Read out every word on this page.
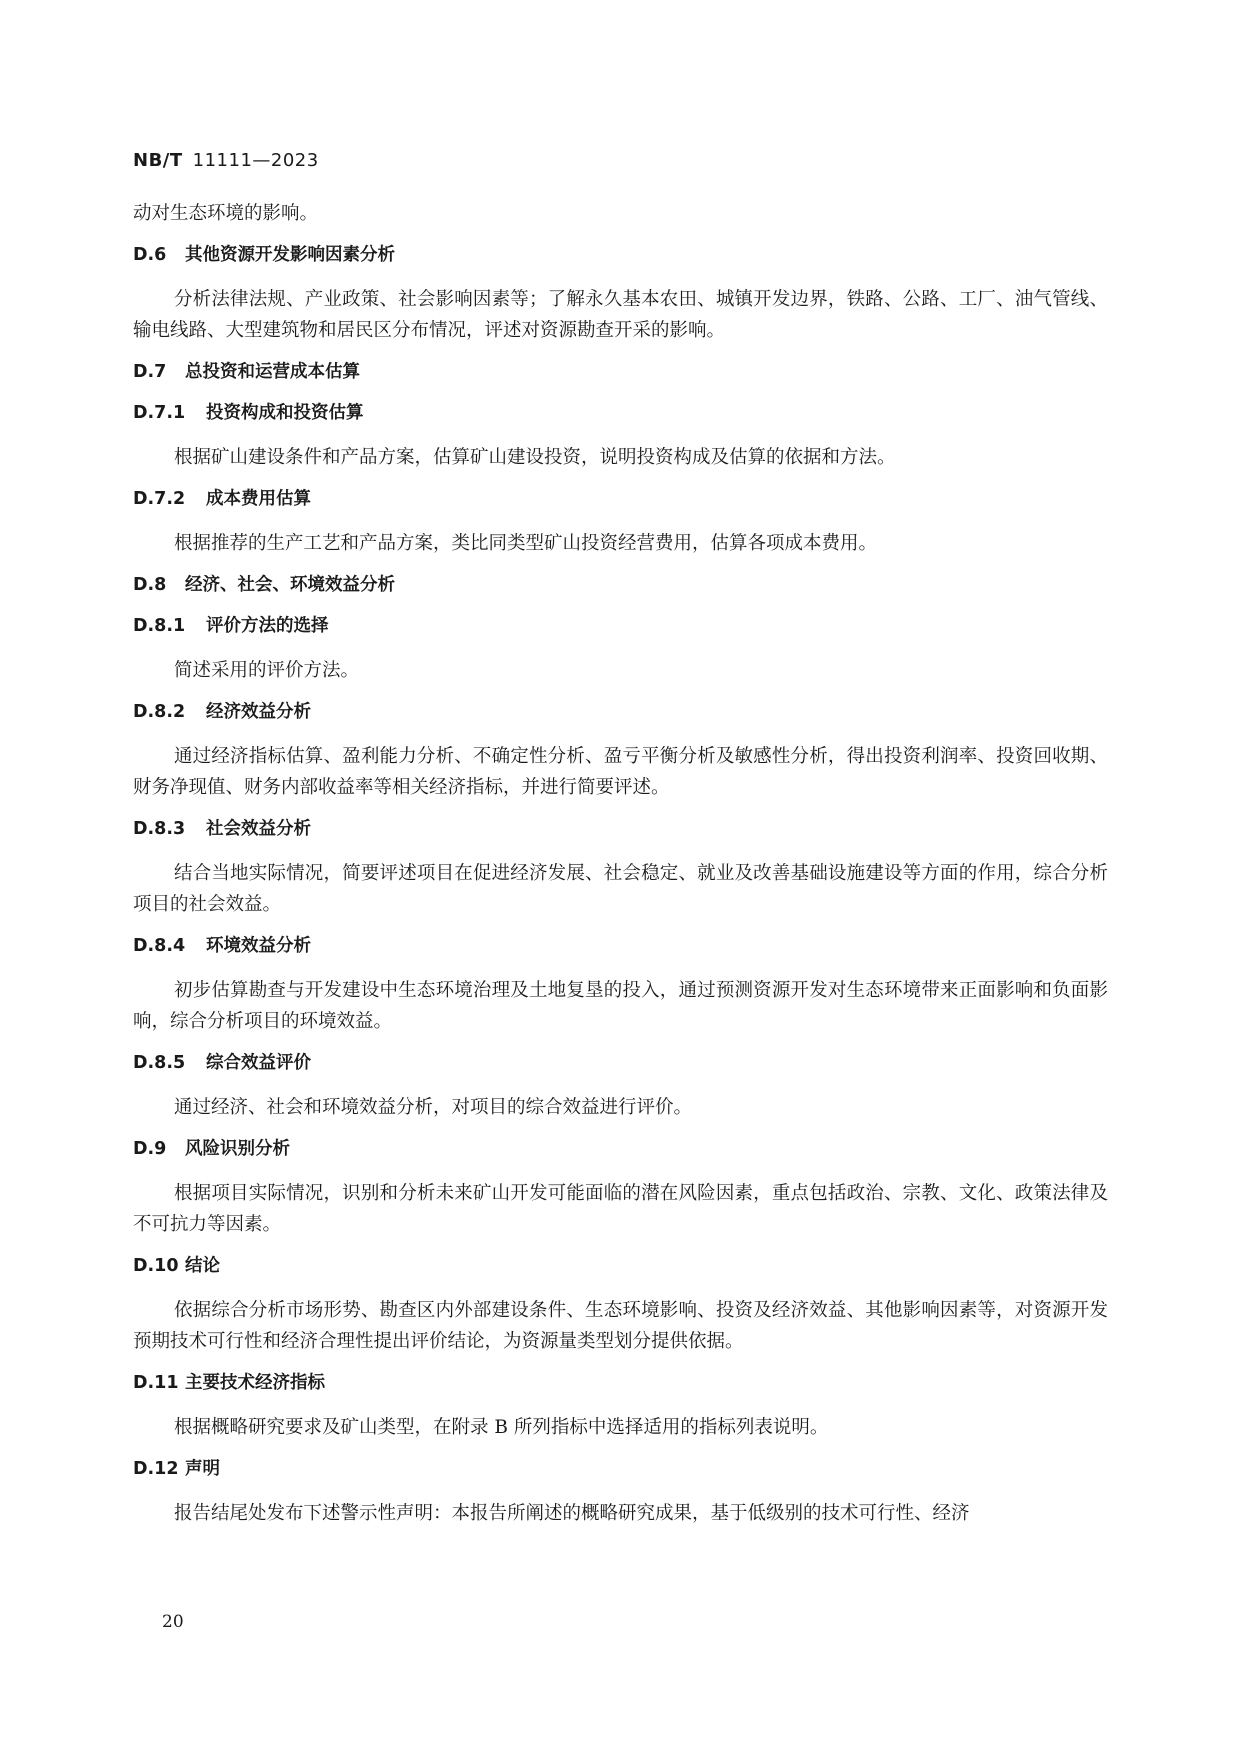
NB/T 11111—2023

动对生态环境的影响。

D.6 其他资源开发影响因素分析

分析法律法规、产业政策、社会影响因素等；了解永久基本农田、城镇开发边界，铁路、公路、工厂、油气管线、输电线路、大型建筑物和居民区分布情况，评述对资源勘查开采的影响。

D.7 总投资和运营成本估算
D.7.1 投资构成和投资估算

根据矿山建设条件和产品方案，估算矿山建设投资，说明投资构成及估算的依据和方法。

D.7.2 成本费用估算

根据推荐的生产工艺和产品方案，类比同类型矿山投资经营费用，估算各项成本费用。

D.8 经济、社会、环境效益分析
D.8.1 评价方法的选择

简述采用的评价方法。

D.8.2 经济效益分析

通过经济指标估算、盈利能力分析、不确定性分析、盈亏平衡分析及敏感性分析，得出投资利润率、投资回收期、财务净现值、财务内部收益率等相关经济指标，并进行简要评述。

D.8.3 社会效益分析

结合当地实际情况，简要评述项目在促进经济发展、社会稳定、就业及改善基础设施建设等方面的作用，综合分析项目的社会效益。

D.8.4 环境效益分析

初步估算勘查与开发建设中生态环境治理及土地复垦的投入，通过预测资源开发对生态环境带来正面影响和负面影响，综合分析项目的环境效益。

D.8.5 综合效益评价

通过经济、社会和环境效益分析，对项目的综合效益进行评价。

D.9 风险识别分析

根据项目实际情况，识别和分析未来矿山开发可能面临的潜在风险因素，重点包括政治、宗教、文化、政策法律及不可抗力等因素。

D.10 结论

依据综合分析市场形势、勘查区内外部建设条件、生态环境影响、投资及经济效益、其他影响因素等，对资源开发预期技术可行性和经济合理性提出评价结论，为资源量类型划分提供依据。

D.11 主要技术经济指标

根据概略研究要求及矿山类型，在附录 B 所列指标中选择适用的指标列表说明。

D.12 声明

报告结尾处发布下述警示性声明：本报告所阐述的概略研究成果，基于低级别的技术可行性、经济

20
